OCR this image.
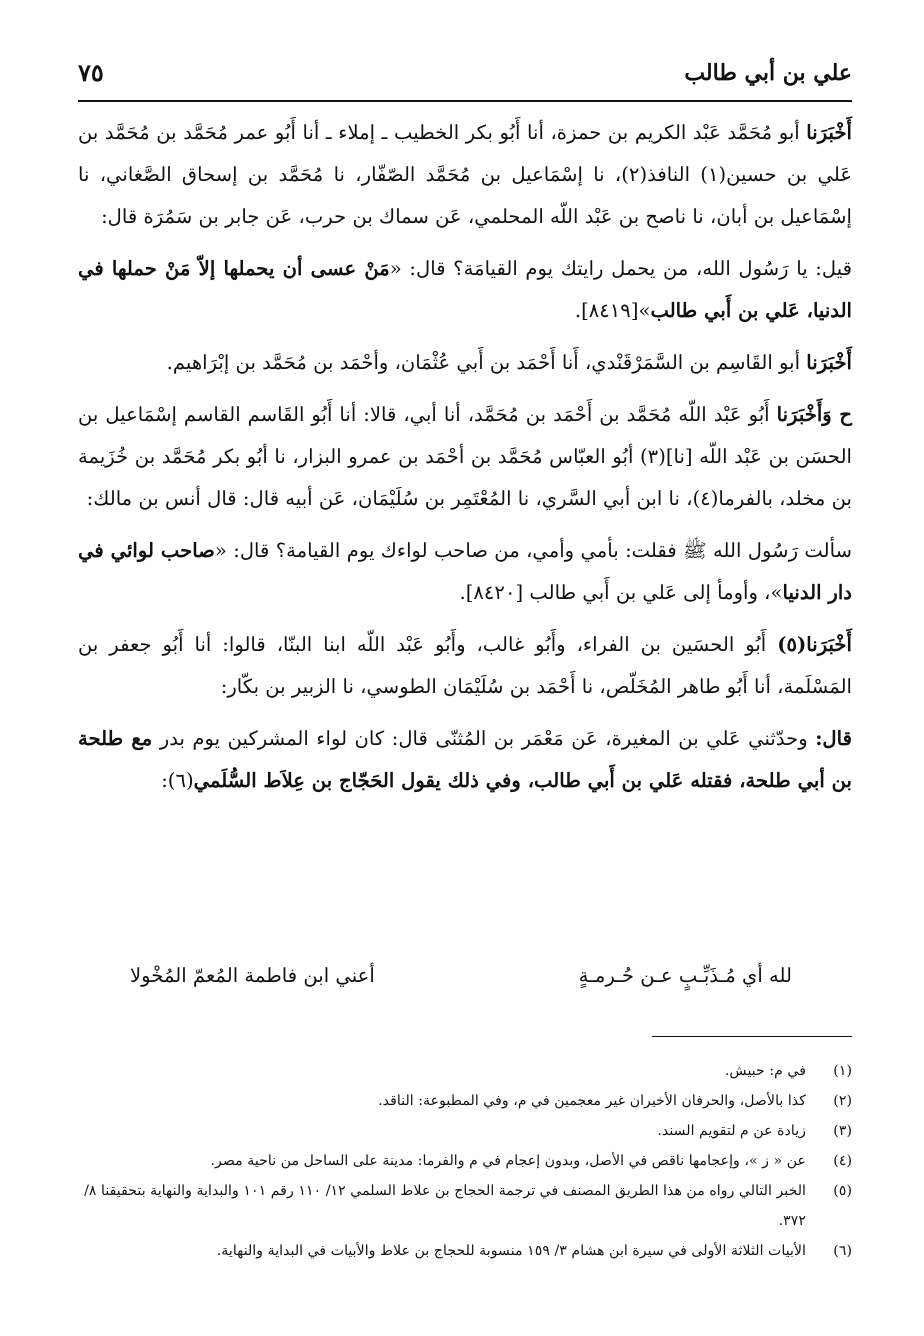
علي بن أبي طالب
٧٥

أَخْبَرَنا أبو مُحَمَّد عَبْد الكريم بن حمزة، أنا أَبُو بكر الخطيب ـ إملاء ـ أنا أَبُو عمر مُحَمَّد بن مُحَمَّد بن عَلي بن حسين(١) النافذ(٢)، نا إسْمَاعيل بن مُحَمَّد الصّفّار، نا مُحَمَّد بن إسحاق الصَّغاني، نا إسْمَاعيل بن أبان، نا ناصح بن عَبْد اللّه المحلمي، عَن سماك بن حرب، عَن جابر بن سَمُرَة قال:

قيل: يا رَسُول الله، من يحمل رايتك يوم القيامَة؟ قال: «مَنْ عسى أن يحملها إلاّ مَنْ حملها في الدنيا، عَلي بن أَبي طالب»[٨٤١٩].

أَخْبَرَنا أبو القَاسِم بن السَّمَرْقَنْدي، أَنا أَحْمَد بن أَبي عُثْمَان، وأحْمَد بن مُحَمَّد بن إبْرَاهيم.

ح وَأَخْبَرَنا أَبُو عَبْد اللّه مُحَمَّد بن أَحْمَد بن مُحَمَّد، أنا أبي، قالا: أنا أَبُو القَاسم القاسم إسْمَاعيل بن الحسَن بن عَبْد اللّه [نا](٣) أبُو العبّاس مُحَمَّد بن أحْمَد بن عمرو البزار، نا أبُو بكر مُحَمَّد بن خُزَيمة بن مخلد، بالفرما(٤)، نا ابن أبي السَّري، نا المُعْتَمِر بن سُلَيْمَان، عَن أبيه قال: قال أنس بن مالك:

سألت رَسُول الله ﷺ فقلت: بأمي وأمي، من صاحب لواءك يوم القيامة؟ قال: «صاحب لوائي في دار الدنيا»، وأومأ إلى عَلي بن أَبي طالب [٨٤٢٠].

أَخْبَرَنا(٥) أَبُو الحسَين بن الفراء، وأَبُو غالب، وأَبُو عَبْد اللّه ابنا البنّا، قالوا: أنا أَبُو جعفر بن المَسْلَمة، أنا أَبُو طاهر المُخَلّص، نا أَحْمَد بن سُلَيْمَان الطوسي، نا الزبير بن بكّار:

قال: وحدّثني عَلي بن المغيرة، عَن مَعْمَر بن المُثنّى قال: كان لواء المشركين يوم بدر مع طلحة بن أبي طلحة، فقتله عَلي بن أَبي طالب، وفي ذلك يقول الحَجّاج بن عِلاَط السُّلَمي(٦):

لله أي مُـذَبِّـبٍ عـن حُـرمـةٍ
أعني ابن فاطمة المُعمّ المُخْولا
(١)
في م: حبيش.
(٢)
كذا بالأصل، والحرفان الأخيران غير معجمين في م، وفي المطبوعة: الناقد.
(٣)
زيادة عن م لتقويم السند.
(٤)
عن « ز »، وإعجامها ناقص في الأصل، وبدون إعجام في م والفرما: مدينة على الساحل من ناحية مصر.
(٥)
الخبر التالي رواه من هذا الطريق المصنف في ترجمة الحجاج بن علاط السلمي ١٢/ ١١٠ رقم ١٠١ والبداية والنهاية بتحقيقنا ٨/ ٣٧٢.
(٦)
الأبيات الثلاثة الأولى في سيرة ابن هشام ٣/ ١٥٩ منسوبة للحجاج بن علاط والأبيات في البداية والنهاية.
